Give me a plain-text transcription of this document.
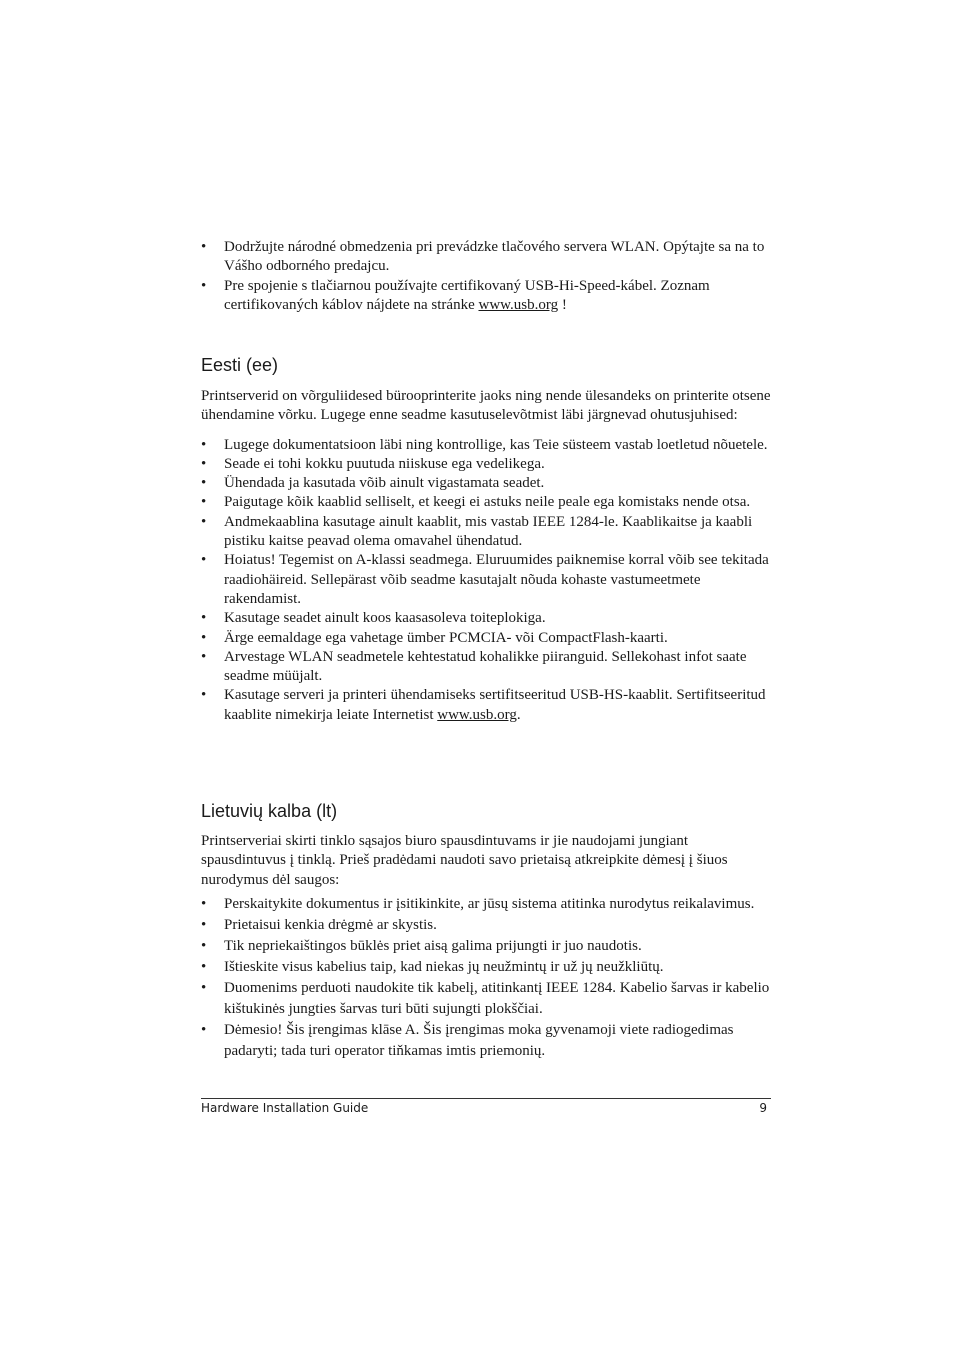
• Dodržujte národné obmedzenia pri prevádzke tlačového servera WLAN. Opýtajte sa na to Vášho odborného predajcu.
• Pre spojenie s tlačiarnou používajte certifikovaný USB-Hi-Speed-kábel. Zoznam certifikovaných káblov nájdete na stránke www.usb.org !
Eesti (ee)

Printserverid on võrguliidesed bürooprinterite jaoks ning nende ülesandeks on printerite otsene ühendamine võrku. Lugege enne seadme kasutuselevõtmist läbi järgnevad ohutusjuhised:

• Lugege dokumentatsioon läbi ning kontrollige, kas Teie süsteem vastab loetletud nõuetele.
• Seade ei tohi kokku puutuda niiskuse ega vedelikega.
• Ühendada ja kasutada võib ainult vigastamata seadet.
• Paigutage kõik kaablid selliselt, et keegi ei astuks neile peale ega komistaks nende otsa.
• Andmekaablina kasutage ainult kaablit, mis vastab IEEE 1284-le. Kaablikaitse ja kaabli pistiku kaitse peavad olema omavahel ühendatud.
• Hoiatus! Tegemist on A-klassi seadmega. Eluruumides paiknemise korral võib see tekitada raadiohäireid. Sellepärast võib seadme kasutajalt nõuda kohaste vastumeetmete rakendamist.
• Kasutage seadet ainult koos kaasasoleva toiteplokiga.
• Ärge eemaldage ega vahetage ümber PCMCIA- või CompactFlash-kaarti.
• Arvestage WLAN seadmetele kehtestatud kohalikke piiranguid. Sellekohast infot saate seadme müüjalt.
• Kasutage serveri ja printeri ühendamiseks sertifitseeritud USB-HS-kaablit. Sertifitseeritud kaablite nimekirja leiate Internetist www.usb.org.
Lietuvių kalba (lt)

Printserveriai skirti tinklo sąsajos biuro spausdintuvams ir jie naudojami jungiant spausdintuvus į tinklą. Prieš pradėdami naudoti savo prietaisą atkreipkite dėmesį į šiuos nurodymus dėl saugos:

• Perskaitykite dokumentus ir įsitikinkite, ar jūsų sistema atitinka nurodytus reikalavimus.
• Prietaisui kenkia drėgmė ar skystis.
• Tik nepriekaištingos būklės priet aisą galima prijungti ir juo naudotis.
• Ištieskite visus kabelius taip, kad niekas jų neužmintų ir už jų neužkliūtų.
• Duomenims perduoti naudokite tik kabelį, atitinkantį IEEE 1284. Kabelio šarvas ir kabelio kištukinės jungties šarvas turi būti sujungti plokščiai.
• Dėmesio! Šis įrengimas klāse A. Šis įrengimas moka gyvenamoji viete radiogedimas padaryti; tada turi operator tiňkamas imtis priemonių.
Hardware Installation Guide	9
